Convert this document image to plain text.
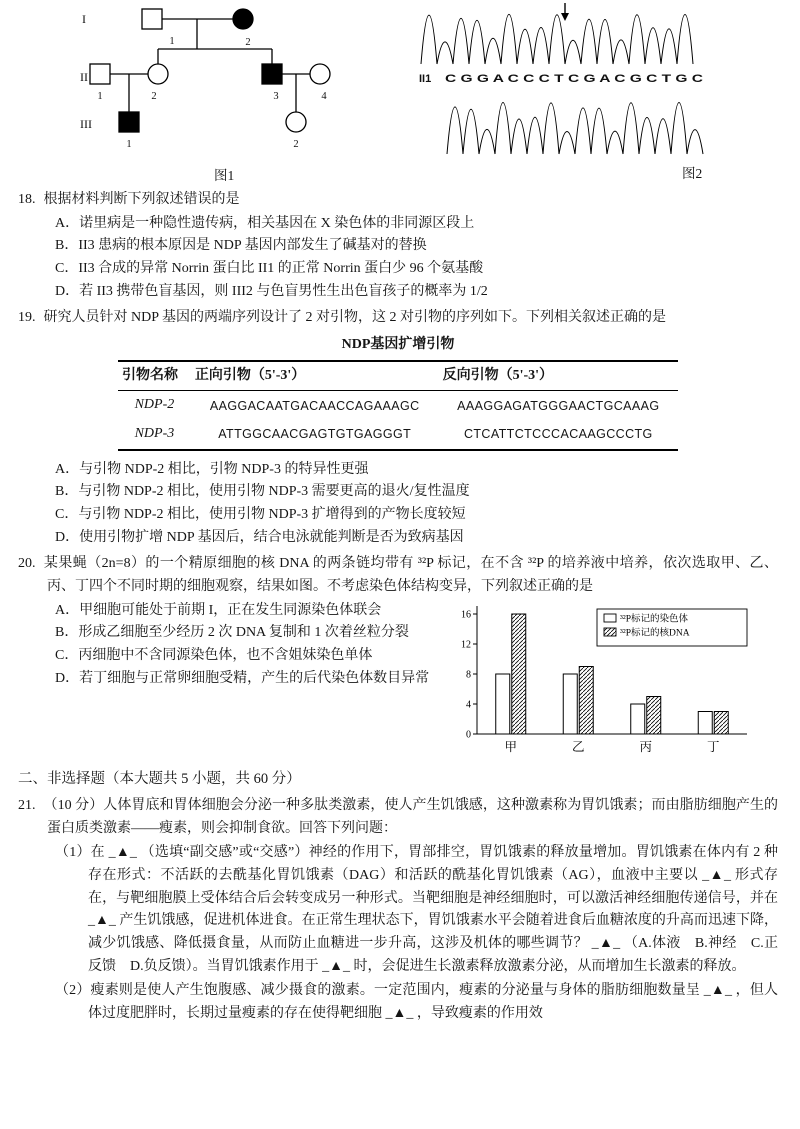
I
II
III
1	2
1	2	3	4
1	2
图1
II1 C G G A C C C T C G A C G C T G C
图2

18. 根据材料判断下列叙述错误的是

A．诺里病是一种隐性遗传病，相关基因在 X 染色体的非同源区段上
B．II3 患病的根本原因是 NDP 基因内部发生了碱基对的替换
C．II3 合成的异常 Norrin 蛋白比 II1 的正常 Norrin 蛋白少 96 个氨基酸
D．若 II3 携带色盲基因，则 III2 与色盲男性生出色盲孩子的概率为 1/2

19. 研究人员针对 NDP 基因的两端序列设计了 2 对引物，这 2 对引物的序列如下。下列相关叙述正确的是

NDP基因扩增引物
引物名称	正向引物（5'-3'）	反向引物（5'-3'）
NDP-2	AAGGACAATGACAACCAGAAAGC	AAAGGAGATGGGAACTGCAAAG
NDP-3	ATTGGCAACGAGTGTGAGGGT	CTCATTCTCCCACAAGCCCTG
A．与引物 NDP-2 相比，引物 NDP-3 的特异性更强
B．与引物 NDP-2 相比，使用引物 NDP-3 需要更高的退火/复性温度
C．与引物 NDP-2 相比，使用引物 NDP-3 扩增得到的产物长度较短
D．使用引物扩增 NDP 基因后，结合电泳就能判断是否为致病基因

20. 某果蝇（2n=8）的一个精原细胞的核 DNA 的两条链均带有 ³²P 标记，在不含 ³²P 的培养液中培养，依次选取甲、乙、丙、丁四个不同时期的细胞观察，结果如图。不考虑染色体结构变异，下列叙述正确的是

0
4
8
12
16
甲	乙	丙	丁
³²P标记的染色体
³²P标记的核DNA
A．甲细胞可能处于前期 I，正在发生同源染色体联会
B．形成乙细胞至少经历 2 次 DNA 复制和 1 次着丝粒分裂
C．丙细胞中不含同源染色体，也不含姐妹染色单体
D．若丁细胞与正常卵细胞受精，产生的后代染色体数目异常

二、非选择题（本大题共 5 小题，共 60 分）

21. （10 分）人体胃底和胃体细胞会分泌一种多肽类激素，使人产生饥饿感，这种激素称为胃饥饿素；而由脂肪细胞产生的蛋白质类激素——瘦素，则会抑制食欲。回答下列问题：

（1）在 _▲_ （选填“副交感”或“交感”）神经的作用下，胃部排空，胃饥饿素的释放量增加。胃饥饿素在体内有 2 种存在形式：不活跃的去酰基化胃饥饿素（DAG）和活跃的酰基化胃饥饿素（AG），血液中主要以 _▲_ 形式存在，与靶细胞膜上受体结合后会转变成另一种形式。当靶细胞是神经细胞时，可以激活神经细胞传递信号，并在 _▲_ 产生饥饿感，促进机体进食。在正常生理状态下，胃饥饿素水平会随着进食后血糖浓度的升高而迅速下降，减少饥饿感、降低摄食量，从而防止血糖进一步升高，这涉及机体的哪些调节？ _▲_ （A.体液　B.神经　C.正反馈　D.负反馈）。当胃饥饿素作用于 _▲_ 时，会促进生长激素释放激素分泌，从而增加生长激素的释放。

（2）瘦素则是使人产生饱腹感、减少摄食的激素。一定范围内，瘦素的分泌量与身体的脂肪细胞数量呈 _▲_ ，但人体过度肥胖时，长期过量瘦素的存在使得靶细胞 _▲_ ，导致瘦素的作用效
